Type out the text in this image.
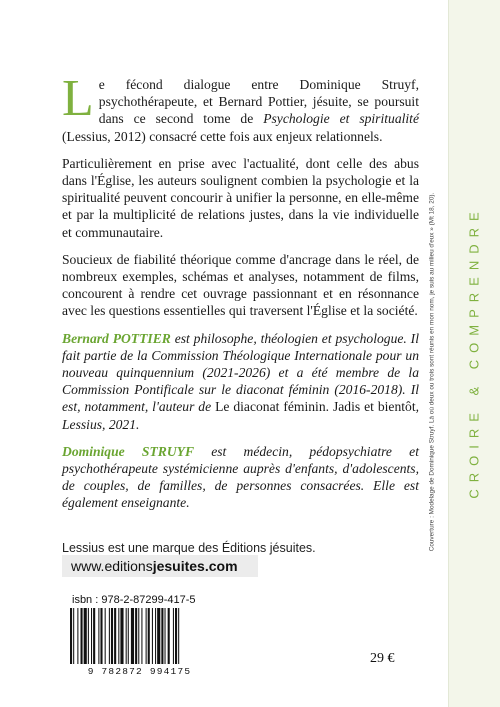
CROIRE & COMPRENDRE
Couverture : Modelage de Dominique Struyf. Là où deux ou trois sont réunis en mon nom, je suis au milieu d'eux » (Mt 18, 20).

Le fécond dialogue entre Dominique Struyf, psychothérapeute, et Bernard Pottier, jésuite, se poursuit dans ce second tome de Psychologie et spiritualité (Lessius, 2012) consacré cette fois aux enjeux relationnels.

Particulièrement en prise avec l'actualité, dont celle des abus dans l'Église, les auteurs soulignent combien la psychologie et la spiritualité peuvent concourir à unifier la personne, en elle-même et par la multiplicité de relations justes, dans la vie individuelle et communautaire.

Soucieux de fiabilité théorique comme d'ancrage dans le réel, de nombreux exemples, schémas et analyses, notamment de films, concourent à rendre cet ouvrage passionnant et en résonnance avec les questions essentielles qui traversent l'Église et la société.

Bernard POTTIER est philosophe, théologien et psychologue. Il fait partie de la Commission Théologique Internationale pour un nouveau quinquennium (2021-2026) et a été membre de la Commission Pontificale sur le diaconat féminin (2016-2018). Il est, notamment, l'auteur de Le diaconat féminin. Jadis et bientôt, Lessius, 2021.

Dominique STRUYF est médecin, pédopsychiatre et psychothérapeute systémicienne auprès d'enfants, d'adolescents, de couples, de familles, de personnes consacrées. Elle est également enseignante.

Lessius est une marque des Éditions jésuites.
www.editions jesuites .com
isbn : 978-2-87299-417-5
9 782872 994175
29 €
